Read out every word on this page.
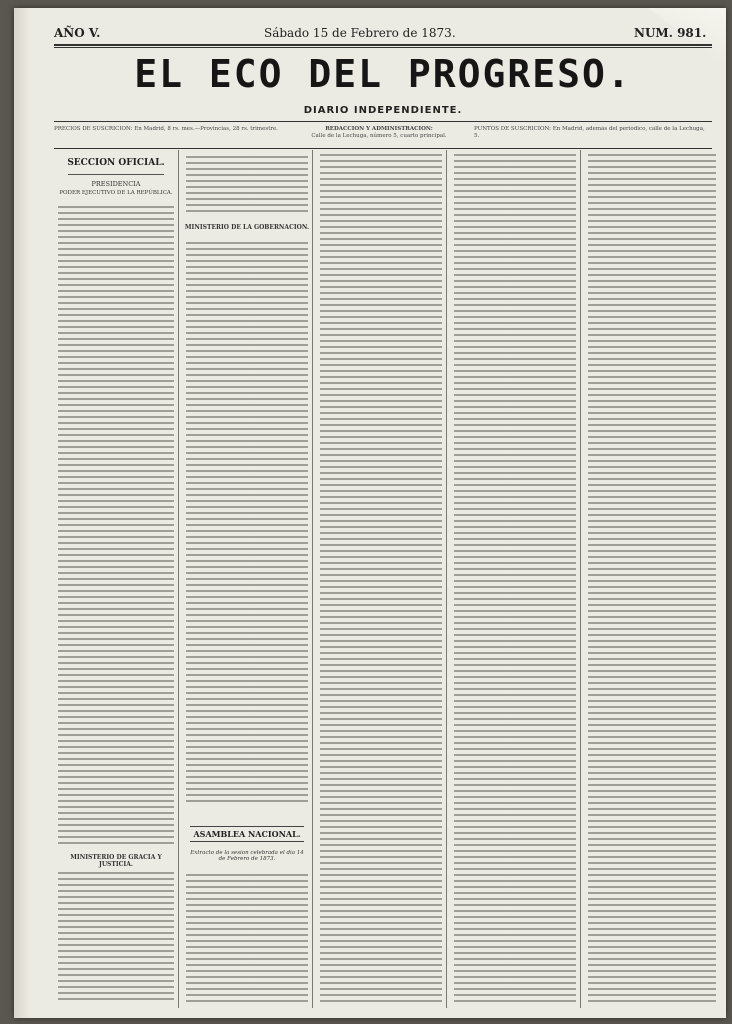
AÑO V.	Sábado 15 de Febrero de 1873.	NUM. 981.
EL ECO DEL PROGRESO.
DIARIO INDEPENDIENTE.
PRECIOS DE SUSCRICION: En Madrid, 8 rs. mes.—Provincias, 28 rs. trimestre.	REDACCION Y ADMINISTRACION:
Calle de la Lechuga, número 5, cuarto principal.
PUNTOS DE SUSCRICION: En Madrid, además del periódico, calle de la Lechuga, 5.
SECCION OFICIAL.
PRESIDENCIA
PODER EJECUTIVO DE LA REPÚBLICA.
MINISTERIO DE GRACIA Y JUSTICIA.
MINISTERIO DE LA GOBERNACION.
ASAMBLEA NACIONAL.
Extracto de la sesion celebrada el dia 14 de Febrero de 1873.
